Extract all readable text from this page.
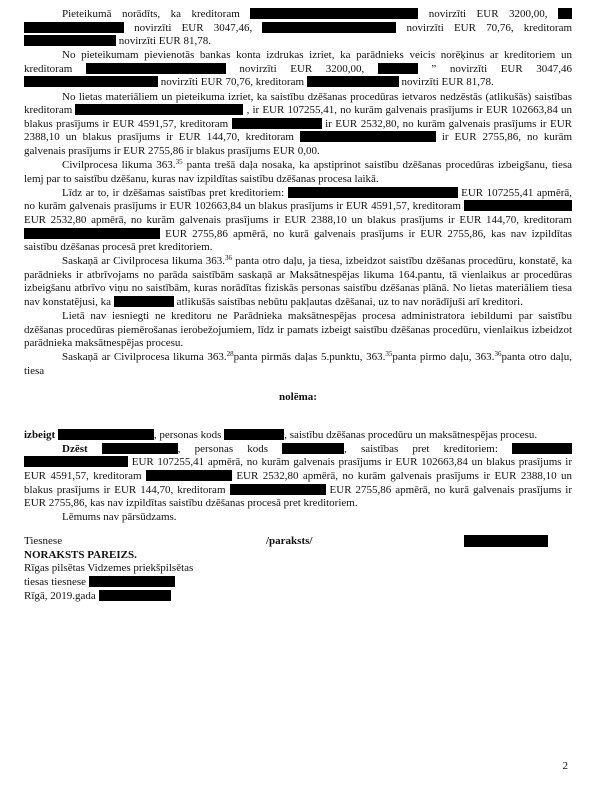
Pieteikumā norādīts, ka kreditoram	novirzīti EUR 3200,00,   novirzīti EUR 3047,46,	novirzīti EUR 70,76, kreditoram  novirzīti EUR 81,78.

No pieteikumam pievienotās bankas konta izdrukas izriet, ka parādnieks veicis norēķinus ar kreditoriem un kreditoram	novirzīti EUR 3200,00,	” novirzīti EUR 3047,46  novirzīti EUR 70,76, kreditoram	novirzīti EUR 81,78.

No lietas materiāliem un pieteikuma izriet, ka saistību dzēšanas procedūras ietvaros nedzēstās (atlikušās) saistības kreditoram	, ir EUR 107255,41, no kurām galvenais prasījums ir EUR 102663,84 un blakus prasījums ir EUR 4591,57, kreditoram	ir EUR 2532,80, no kurām galvenais prasījums ir EUR 2388,10 un blakus prasījums ir EUR 144,70, kreditoram	ir EUR 2755,86, no kurām galvenais prasījums ir EUR 2755,86 ir blakus prasījums EUR 0,00.

Civilprocesa likuma 363.35 panta trešā daļa nosaka, ka apstiprinot saistību dzēšanas procedūras izbeigšanu, tiesa lemj par to saistību dzēšanu, kuras nav izpildītas saistību dzēšanas procesa laikā.

Līdz ar to, ir dzēšamas saistības pret kreditoriem:	EUR 107255,41 apmērā, no kurām galvenais prasījums ir EUR 102663,84 un blakus prasījums ir EUR 4591,57, kreditoram  EUR 2532,80 apmērā, no kurām galvenais prasījums ir EUR 2388,10 un blakus prasījums ir EUR 144,70, kreditoram  EUR 2755,86 apmērā, no kurā galvenais prasījums ir EUR 2755,86, kas nav izpildītas saistību dzēšanas procesā pret kreditoriem.

Saskaņā ar Civilprocesa likuma 363.36 panta otro daļu, ja tiesa, izbeidzot saistību dzēšanas procedūru, konstatē, ka parādnieks ir atbrīvojams no parāda saistībām saskaņā ar Maksātnespējas likuma 164.pantu, tā vienlaikus ar procedūras izbeigšanu atbrīvo viņu no saistībām, kuras norādītas fiziskās personas saistību dzēšanas plānā. No lietas materiāliem tiesa nav konstatējusi, ka	atlikušās saistības nebūtu pakļautas dzēšanai, uz to nav norādījuši arī kreditori.

Lietā nav iesniegti ne kreditoru ne Parādnieka maksātnespējas procesa administratora iebildumi par saistību dzēšanas procedūras piemērošanas ierobežojumiem, līdz ir pamats izbeigt saistību dzēšanas procedūru, vienlaikus izbeidzot parādnieka maksātnespējas procesu.

Saskaņā ar Civilprocesa likuma 363.28panta pirmās daļas 5.punktu, 363.35panta pirmo daļu, 363.36panta otro daļu, tiesa

nolēma:

izbeigt	, personas kods	, saistību dzēšanas procedūru un maksātnespējas procesu.

Dzēst	, personas kods	, saistības pret kreditoriem:   EUR 107255,41 apmērā, no kurām galvenais prasījums ir EUR 102663,84 un blakus prasījums ir EUR 4591,57, kreditoram	EUR 2532,80 apmērā, no kurām galvenais prasījums ir EUR 2388,10 un blakus prasījums ir EUR 144,70, kreditoram	EUR 2755,86 apmērā, no kurā galvenais prasījums ir EUR 2755,86, kas nav izpildītas saistību dzēšanas procesā pret kreditoriem.

Lēmums nav pārsūdzams.

Tiesnese
NORAKSTS PAREIZS.
Rīgas pilsētas Vidzemes priekšpilsētas
tiesas tiesnese
Rīgā, 2019.gada
/paraksts/
2
